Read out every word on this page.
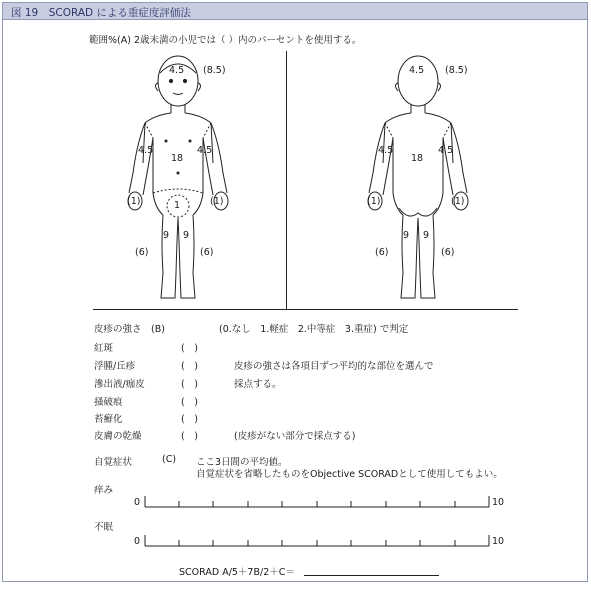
図 19　SCORAD による重症度評価法
範囲%(A) 2歳未満の小児では（ ）内のパーセントを使用する。
4.5 (8.5)
4.5	4.5
18
(1)	(1)
1
9 9
(6)	(6)
4.5 (8.5)
4.5	4.5
18
(1)	(1)
9 9
(6)	(6)
皮疹の強さ　(B)	(0.なし　1.軽症　2.中等症　3.重症) で判定
紅斑	(　)
浮腫/丘疹	(　)	皮疹の強さは各項目ずつ平均的な部位を選んで
滲出液/痂皮	(　)	採点する。
掻破痕	(　)
苔癬化	(　)
皮膚の乾燥	(　)	(皮疹がない部分で採点する)
自覚症状	(C) ここ3日間の平均値。
自覚症状を省略したものをObjective SCORADとして使用してもよい。
痒み
0	10
不眠
0	10
SCORAD A/5＋7B/2＋C＝
